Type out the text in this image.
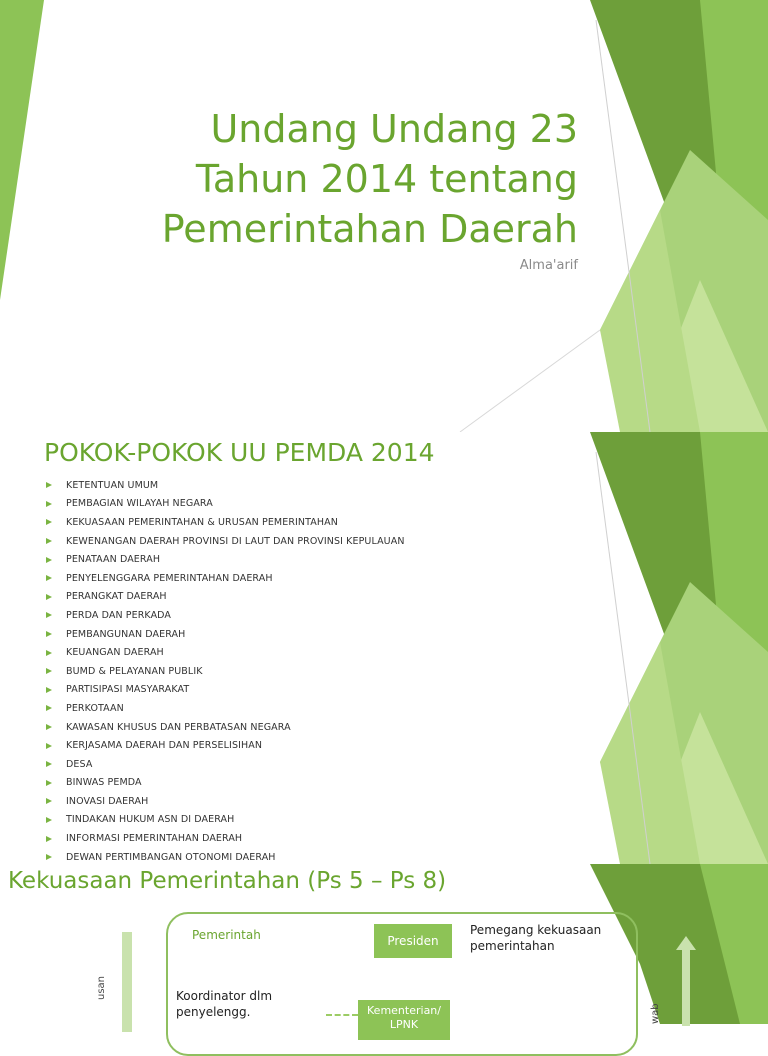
Undang Undang 23
Tahun 2014 tentang
Pemerintahan Daerah
Alma'arif
POKOK-POKOK UU PEMDA 2014
KETENTUAN UMUM
PEMBAGIAN WILAYAH NEGARA
KEKUASAAN PEMERINTAHAN & URUSAN PEMERINTAHAN
KEWENANGAN DAERAH PROVINSI DI LAUT DAN PROVINSI KEPULAUAN
PENATAAN DAERAH
PENYELENGGARA PEMERINTAHAN DAERAH
PERANGKAT DAERAH
PERDA DAN PERKADA
PEMBANGUNAN DAERAH
KEUANGAN DAERAH
BUMD & PELAYANAN PUBLIK
PARTISIPASI MASYARAKAT
PERKOTAAN
KAWASAN KHUSUS DAN PERBATASAN NEGARA
KERJASAMA DAERAH DAN PERSELISIHAN
DESA
BINWAS PEMDA
INOVASI DAERAH
TINDAKAN HUKUM ASN DI DAERAH
INFORMASI PEMERINTAHAN DAERAH
DEWAN PERTIMBANGAN OTONOMI DAERAH
Kekuasaan Pemerintahan (Ps 5 – Ps 8)
usan
Pemerintah	Presiden
Pemegang kekuasaan
pemerintahan
Koordinator dlm
penyelengg.	Kementerian/
LPNK
wab
